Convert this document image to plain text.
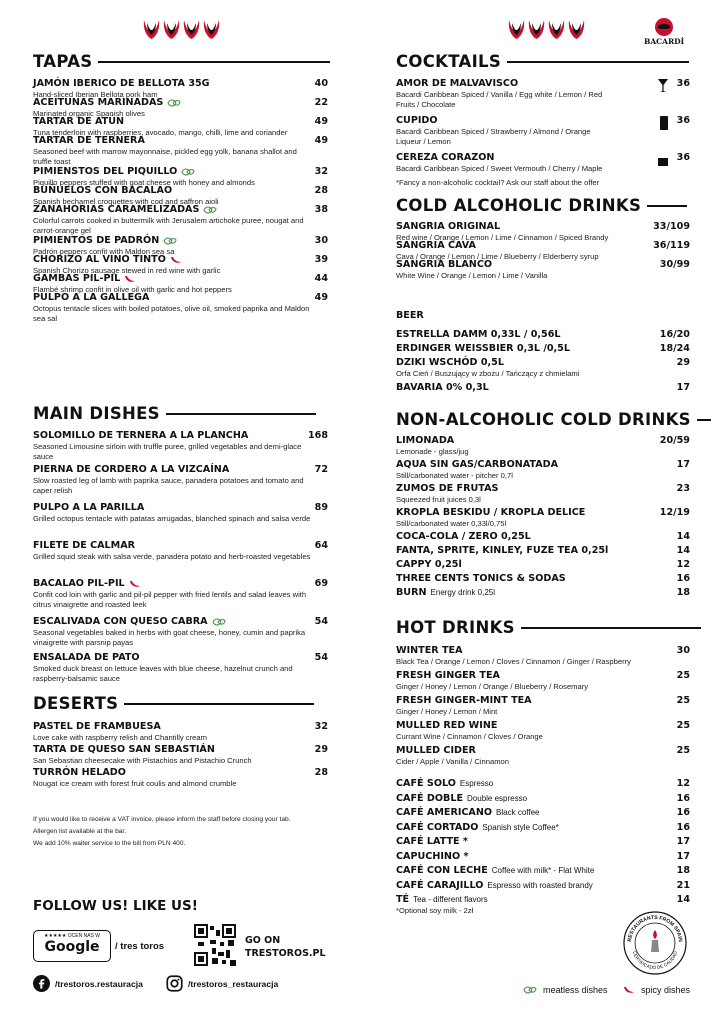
TAPAS
JAMÓN IBERICO DE BELLOTA 35G
Hand-sliced Iberian Bellota pork ham
40
ACEITUNAS MARINADAS
Marinated organic Spanish olives
22
TARTAR DE ATÚN
Tuna tenderloin with raspberries, avocado, mango, chilli, lime and coriander
49
TARTAR DE TERNERA
Seasoned beef with marrow mayonnaise, pickled egg yolk, banana shallot and truffle toast
49
PIMIENSTOS DEL PIQUILLO
Piquillo peppers stuffed with goat cheese with honey and almonds
32
BUÑUELOS CON BACALAO
Spanish bechamel croquettes with cod and saffron aioli
28
ZANAHORIAS CARAMELIZADAS
Colorful carrots cooked in buttermilk with Jerusalem artichoke puree, nougat and carrot-orange gel
38
PIMIENTOS DE PADRÓN
Padrón peppers confit with Maldon sea sa
30
CHORIZO AL VINO TINTO
Spanish Chorizo sausage stewed in red wine with garlic
39
GAMBAS PIL-PIL
Flambé shrimp confit in olive oil with garlic and hot peppers
44
PULPO A LA GALLEGA
Octopus tentacle slices with boiled potatoes, olive oil, smoked paprika and Maldon sea sal
49
MAIN DISHES
SOLOMILLO DE TERNERA A LA PLANCHA
Seasoned Limousine sirloin with truffle puree, grilled vegetables and demi-glace sauce
168
PIERNA DE CORDERO A LA VIZCAÍNA
Slow roasted leg of lamb with paprika sauce, panadera potatoes and tomato and caper relish
72
PULPO A LA PARILLA
Grilled octopus tentacle with patatas arrugadas, blanched spinach and salsa verde
89
FILETE DE CALMAR
Grilled squid steak with salsa verde, panadera potato and herb-roasted vegetables
64
BACALAO PIL-PIL
Confit cod loin with garlic and pil-pil pepper with fried lentils and salad leaves with citrus vinaigrette and roasted leek
69
ESCALIVADA CON QUESO CABRA
Seasonal vegetables baked in herbs with goat cheese, honey, cumin and paprika vinaigrette with parsnip payas
54
ENSALADA DE PATO
Smoked duck breast on lettuce leaves with blue cheese, hazelnut crunch and raspberry-balsamic sauce
54
DESERTS
PASTEL DE FRAMBUESA
Love cake with raspberry relish and Chantilly cream
32
TARTA DE QUESO SAN SEBASTIÁN
San Sebastian cheesecake with Pistachios and Pistachio Crunch
29
TURRÓN HELADO
Nougat ice cream with forest fruit coulis and almond crumble
28
If you would like to receive a VAT invoice, please inform the staff before closing your tab.
Allergen list available at the bar.
We add 10% waiter service to the bill from PLN 400.
COCKTAILS
AMOR DE MALVAVISCO
Bacardi Caribbean Spiced / Vanilla / Egg white / Lemon / Red Fruits / Chocolate
36
CUPIDO
Bacardi Caribbean Spiced / Strawberry / Almond / Orange Liqueur / Lemon
36
CEREZA CORAZON
Bacardi Caribbean Spiced / Sweet Vermouth / Cherry / Maple
36
*Fancy a non-alcoholic cocktail? Ask our staff about the offer
COLD ALCOHOLIC DRINKS
SANGRIA ORIGINAL
Red wine / Orange / Lemon / Lime / Cinnamon / Spiced Brandy
33/109
SANGRIA CAVA
Cava / Orange / Lemon / Lime / Blueberry / Elderberry syrup
36/119
SANGRIA BLANCO
White Wine / Orange / Lemon / Lime / Vanilla
30/99
BEER
ESTRELLA DAMM 0,33L / 0,56L	16/20
ERDINGER WEISSBIER 0,3L /0,5L	18/24
DZIKI WSCHÓD 0,5L
Orfa Cień / Buszujący w zbożu / Tańczący z chmielami
29
BAVARIA 0% 0,3L	17
NON-ALCOHOLIC COLD DRINKS
LIMONADA
Lemonade - glass/jug
20/59
AQUA SIN GAS/CARBONATADA
Still/carbonated water - pitcher 0,7l
17
ZUMOS DE FRUTAS
Squeezed fruit juices 0,3l
23
KROPLA BESKIDU / KROPLA DELICE
Still/carbonated water 0,33l/0,75l
12/19
COCA-COLA / ZERO 0,25L	14
FANTA, SPRITE, KINLEY, FUZE TEA 0,25l	14
CAPPY 0,25l	12
THREE CENTS TONICS & SODAS	16
BURN Energy drink 0,25l	18
HOT DRINKS
WINTER TEA
Black Tea / Orange / Lemon / Cloves / Cinnamon / Ginger / Raspberry
30
FRESH GINGER TEA
Ginger / Honey / Lemon / Orange / Blueberry / Rosemary
25
FRESH GINGER-MINT TEA
Ginger / Honey / Lemon / Mint
25
MULLED RED WINE
Currant Wine / Cinnamon / Cloves / Orange
25
MULLED CIDER
Cider / Apple / Vanilla / Cinnamon
25
CAFÉ SOLO Espresso	12
CAFÉ DOBLE Double espresso	16
CAFÉ AMERICANO Black coffee	16
CAFÉ CORTADO Spanish style Coffee*	16
CAFÉ LATTE *	17
CAPUCHINO *	17
CAFÉ CON LECHE Coffee with milk* - Flat White	18
CAFÉ CARAJILLO Espresso with roasted brandy	21
TÉ Tea - different flavors	14
*Optional soy milk - 2zł
BACARDÍ
FOLLOW US! LIKE US!
★★★★★ OCEŃ NAS W
Google	/ tres toros
GO ON
TRESTOROS.PL
/trestoros.restauracja	/trestoros_restauracja
RESTAURANTS FROM SPAIN
CERTIFICADO DE CALIDAD
meatless dishes	spicy dishes
